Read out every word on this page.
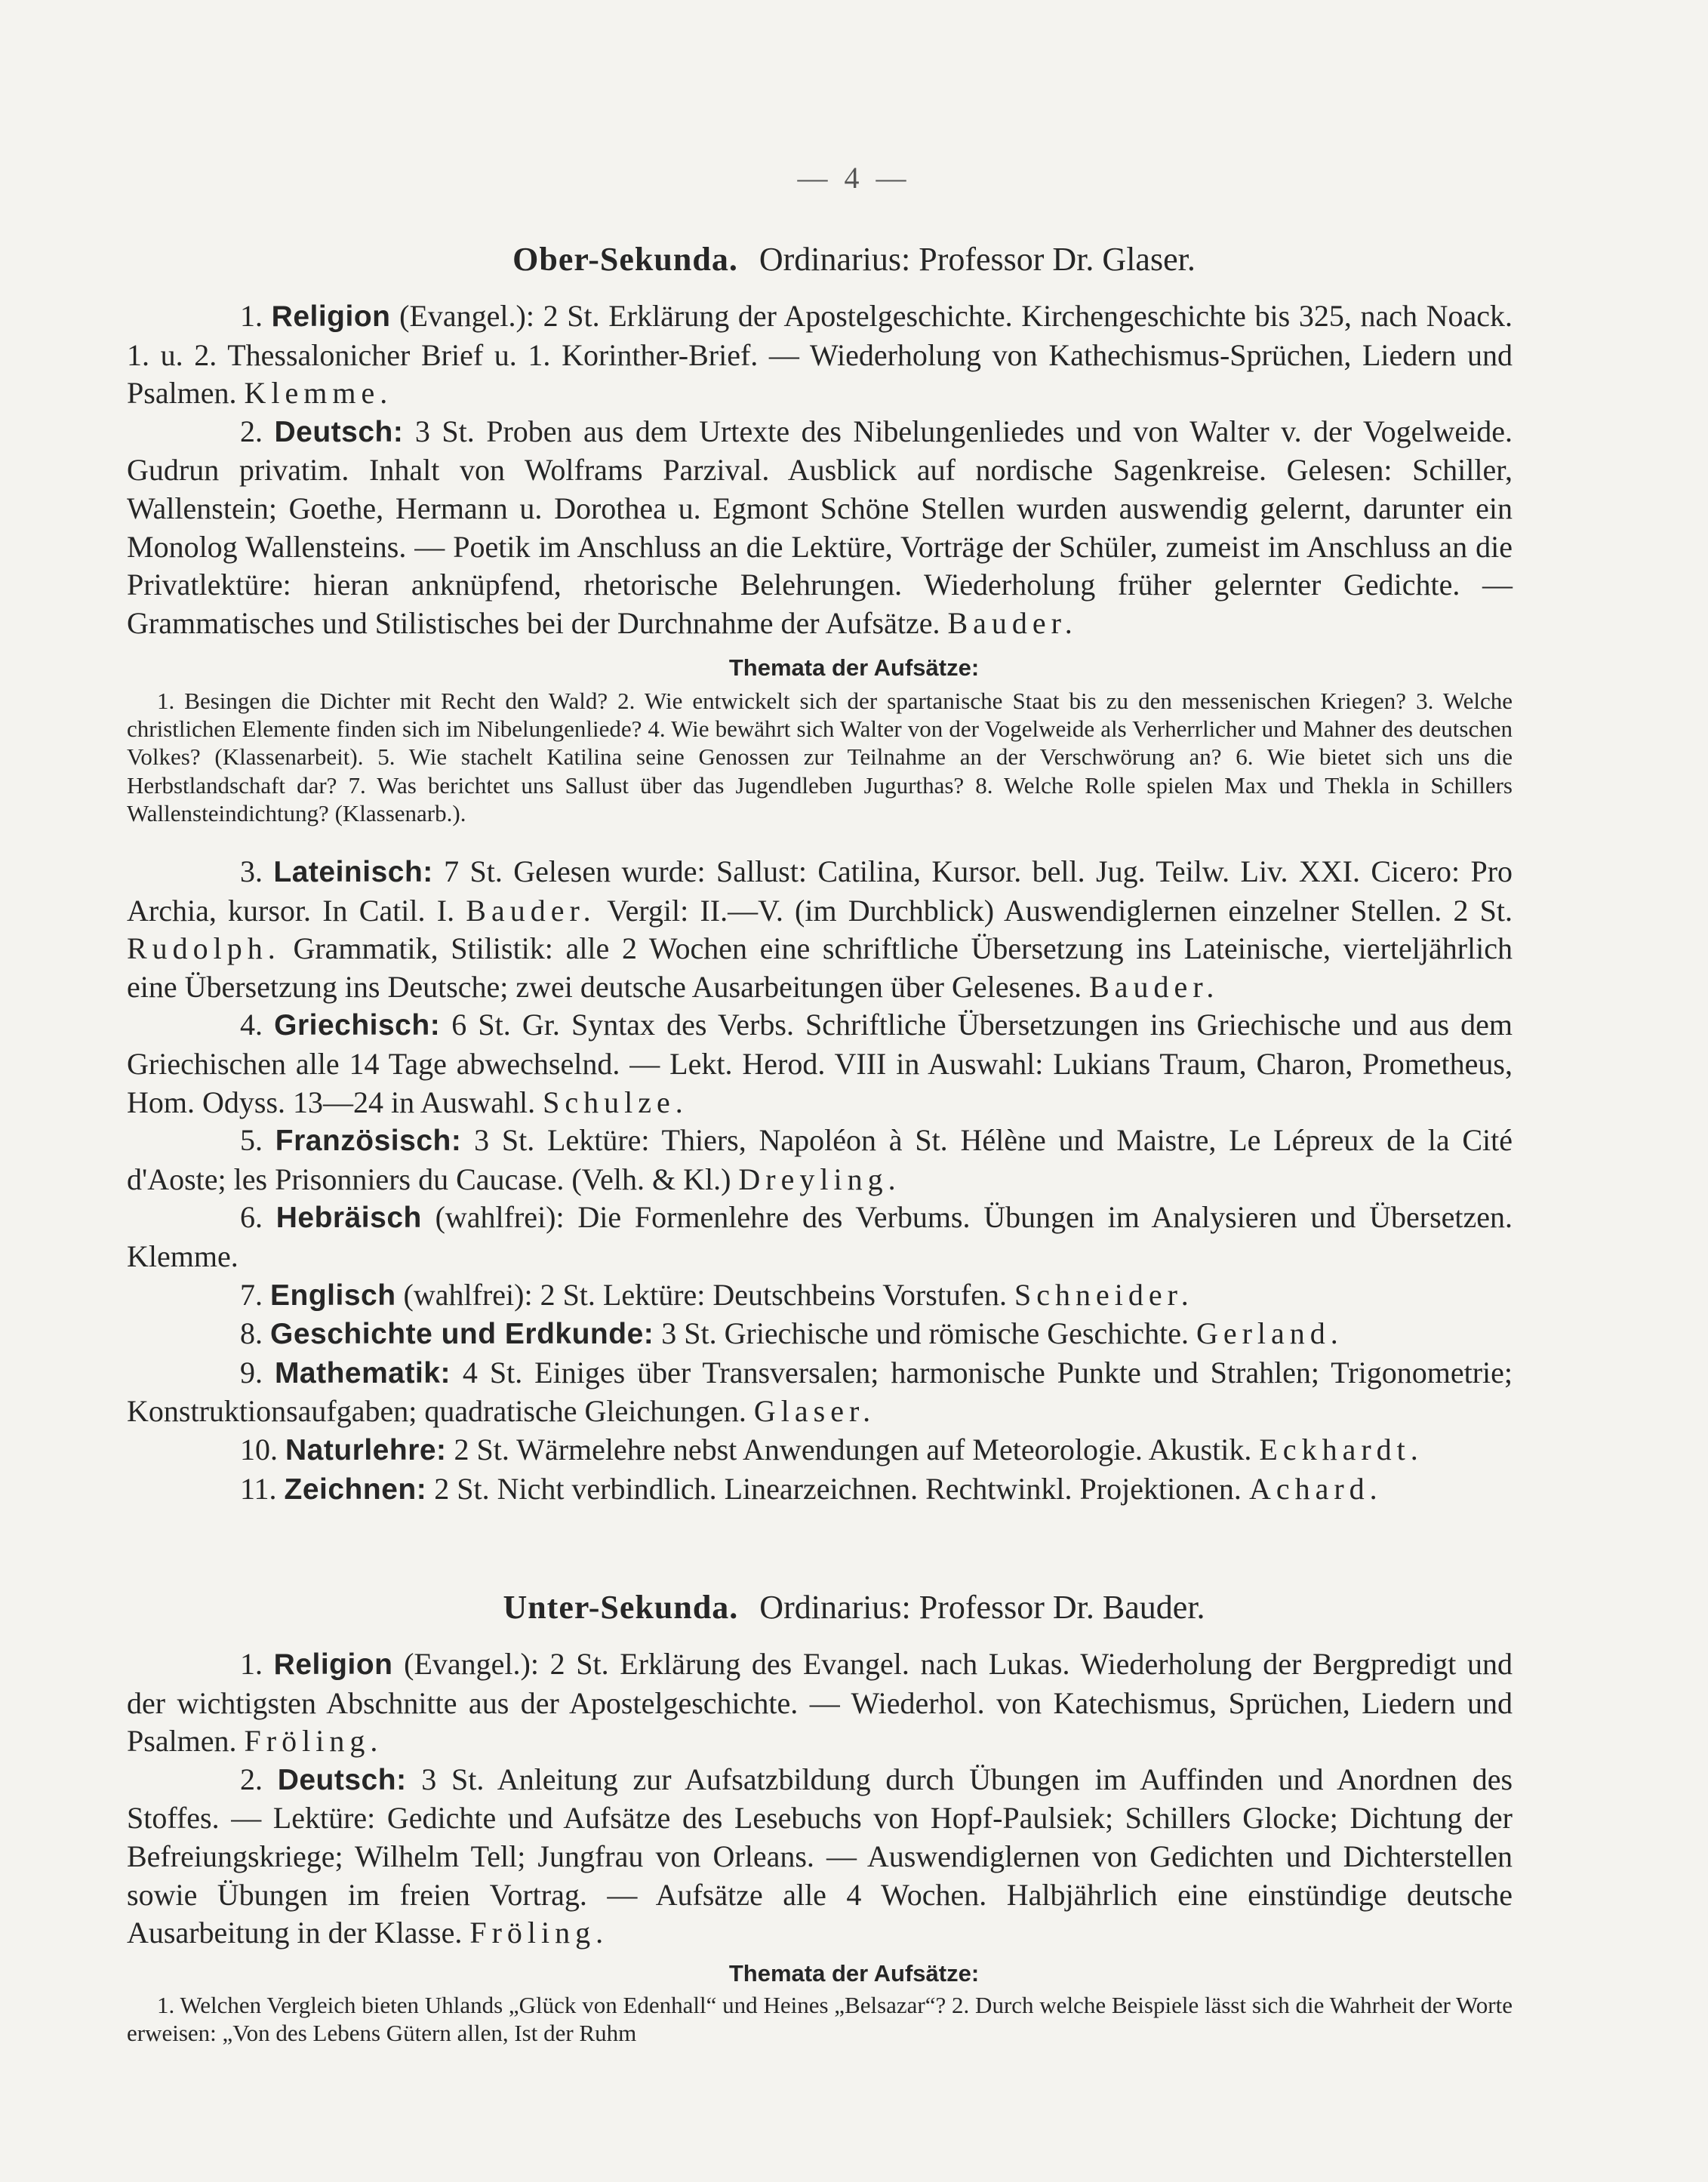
— 4 —
Ober-Sekunda. Ordinarius: Professor Dr. Glaser.
1. Religion (Evangel.): 2 St. Erklärung der Apostelgeschichte. Kirchengeschichte bis 325, nach Noack. 1. u. 2. Thessalonicher Brief u. 1. Korinther-Brief. — Wiederholung von Kathechismus-Sprüchen, Liedern und Psalmen. Klemme.
2. Deutsch: 3 St. Proben aus dem Urtexte des Nibelungenliedes und von Walter v. der Vogelweide. Gudrun privatim. Inhalt von Wolframs Parzival. Ausblick auf nordische Sagenkreise. Gelesen: Schiller, Wallenstein; Goethe, Hermann u. Dorothea u. Egmont Schöne Stellen wurden auswendig gelernt, darunter ein Monolog Wallensteins. — Poetik im Anschluss an die Lektüre, Vorträge der Schüler, zumeist im Anschluss an die Privatlektüre: hieran anknüpfend, rhetorische Belehrungen. Wiederholung früher gelernter Gedichte. — Grammatisches und Stilistisches bei der Durchnahme der Aufsätze. Bauder.
Themata der Aufsätze:
1. Besingen die Dichter mit Recht den Wald? 2. Wie entwickelt sich der spartanische Staat bis zu den messenischen Kriegen? 3. Welche christlichen Elemente finden sich im Nibelungenliede? 4. Wie bewährt sich Walter von der Vogelweide als Verherrlicher und Mahner des deutschen Volkes? (Klassenarbeit). 5. Wie stachelt Katilina seine Genossen zur Teilnahme an der Verschwörung an? 6. Wie bietet sich uns die Herbstlandschaft dar? 7. Was berichtet uns Sallust über das Jugendleben Jugurthas? 8. Welche Rolle spielen Max und Thekla in Schillers Wallensteindichtung? (Klassenarb.).
3. Lateinisch: 7 St. Gelesen wurde: Sallust: Catilina, Kursor. bell. Jug. Teilw. Liv. XXI. Cicero: Pro Archia, kursor. In Catil. I. Bauder. Vergil: II.—V. (im Durchblick) Auswendiglernen einzelner Stellen. 2 St. Rudolph. Grammatik, Stilistik: alle 2 Wochen eine schriftliche Übersetzung ins Lateinische, vierteljährlich eine Übersetzung ins Deutsche; zwei deutsche Ausarbeitungen über Gelesenes. Bauder.
4. Griechisch: 6 St. Gr. Syntax des Verbs. Schriftliche Übersetzungen ins Griechische und aus dem Griechischen alle 14 Tage abwechselnd. — Lekt. Herod. VIII in Auswahl: Lukians Traum, Charon, Prometheus, Hom. Odyss. 13—24 in Auswahl. Schulze.
5. Französisch: 3 St. Lektüre: Thiers, Napoléon à St. Hélène und Maistre, Le Lépreux de la Cité d'Aoste; les Prisonniers du Caucase. (Velh. & Kl.) Dreyling.
6. Hebräisch (wahlfrei): Die Formenlehre des Verbums. Übungen im Analysieren und Übersetzen. Klemme.
7. Englisch (wahlfrei): 2 St. Lektüre: Deutschbeins Vorstufen. Schneider.
8. Geschichte und Erdkunde: 3 St. Griechische und römische Geschichte. Gerland.
9. Mathematik: 4 St. Einiges über Transversalen; harmonische Punkte und Strahlen; Trigonometrie; Konstruktionsaufgaben; quadratische Gleichungen. Glaser.
10. Naturlehre: 2 St. Wärmelehre nebst Anwendungen auf Meteorologie. Akustik. Eckhardt.
11. Zeichnen: 2 St. Nicht verbindlich. Linearzeichnen. Rechtwinkl. Projektionen. Achard.
Unter-Sekunda. Ordinarius: Professor Dr. Bauder.
1. Religion (Evangel.): 2 St. Erklärung des Evangel. nach Lukas. Wiederholung der Bergpredigt und der wichtigsten Abschnitte aus der Apostelgeschichte. — Wiederhol. von Katechismus, Sprüchen, Liedern und Psalmen. Fröling.
2. Deutsch: 3 St. Anleitung zur Aufsatzbildung durch Übungen im Auffinden und Anordnen des Stoffes. — Lektüre: Gedichte und Aufsätze des Lesebuchs von Hopf-Paulsiek; Schillers Glocke; Dichtung der Befreiungskriege; Wilhelm Tell; Jungfrau von Orleans. — Auswendiglernen von Gedichten und Dichterstellen sowie Übungen im freien Vortrag. — Aufsätze alle 4 Wochen. Halbjährlich eine einstündige deutsche Ausarbeitung in der Klasse. Fröling.
Themata der Aufsätze:
1. Welchen Vergleich bieten Uhlands „Glück von Edenhall“ und Heines „Belsazar“? 2. Durch welche Beispiele lässt sich die Wahrheit der Worte erweisen: „Von des Lebens Gütern allen, Ist der Ruhm
